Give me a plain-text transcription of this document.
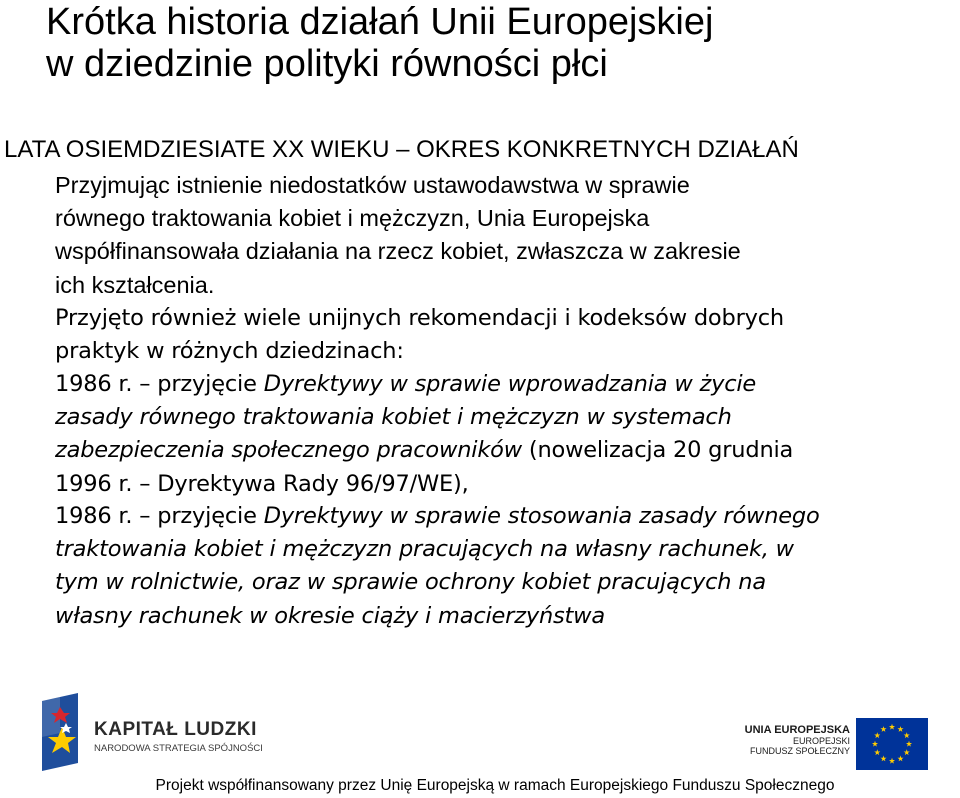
Krótka historia działań Unii Europejskiej
w dziedzinie polityki równości płci
LATA OSIEMDZIESIATE XX WIEKU – OKRES KONKRETNYCH DZIAŁAŃ
Przyjmując istnienie niedostatków ustawodawstwa w sprawie
równego traktowania kobiet i mężczyzn, Unia Europejska
współfinansowała działania na rzecz kobiet, zwłaszcza w zakresie
ich kształcenia.
Przyjęto również wiele unijnych rekomendacji i kodeksów dobrych
praktyk w różnych dziedzinach:
1986 r. – przyjęcie Dyrektywy w sprawie wprowadzania w życie
zasady równego traktowania kobiet i mężczyzn w systemach
zabezpieczenia społecznego pracowników (nowelizacja 20 grudnia
1996 r. – Dyrektywa Rady 96/97/WE),
1986 r. – przyjęcie Dyrektywy w sprawie stosowania zasady równego
traktowania kobiet i mężczyzn pracujących na własny rachunek, w
tym w rolnictwie, oraz w sprawie ochrony kobiet pracujących na
własny rachunek w okresie ciąży i macierzyństwa
KAPITAŁ LUDZKI
NARODOWA STRATEGIA SPÓJNOŚCI
UNIA EUROPEJSKA
EUROPEJSKI
FUNDUSZ SPOŁECZNY
Projekt współfinansowany przez Unię Europejską w ramach Europejskiego Funduszu Społecznego
